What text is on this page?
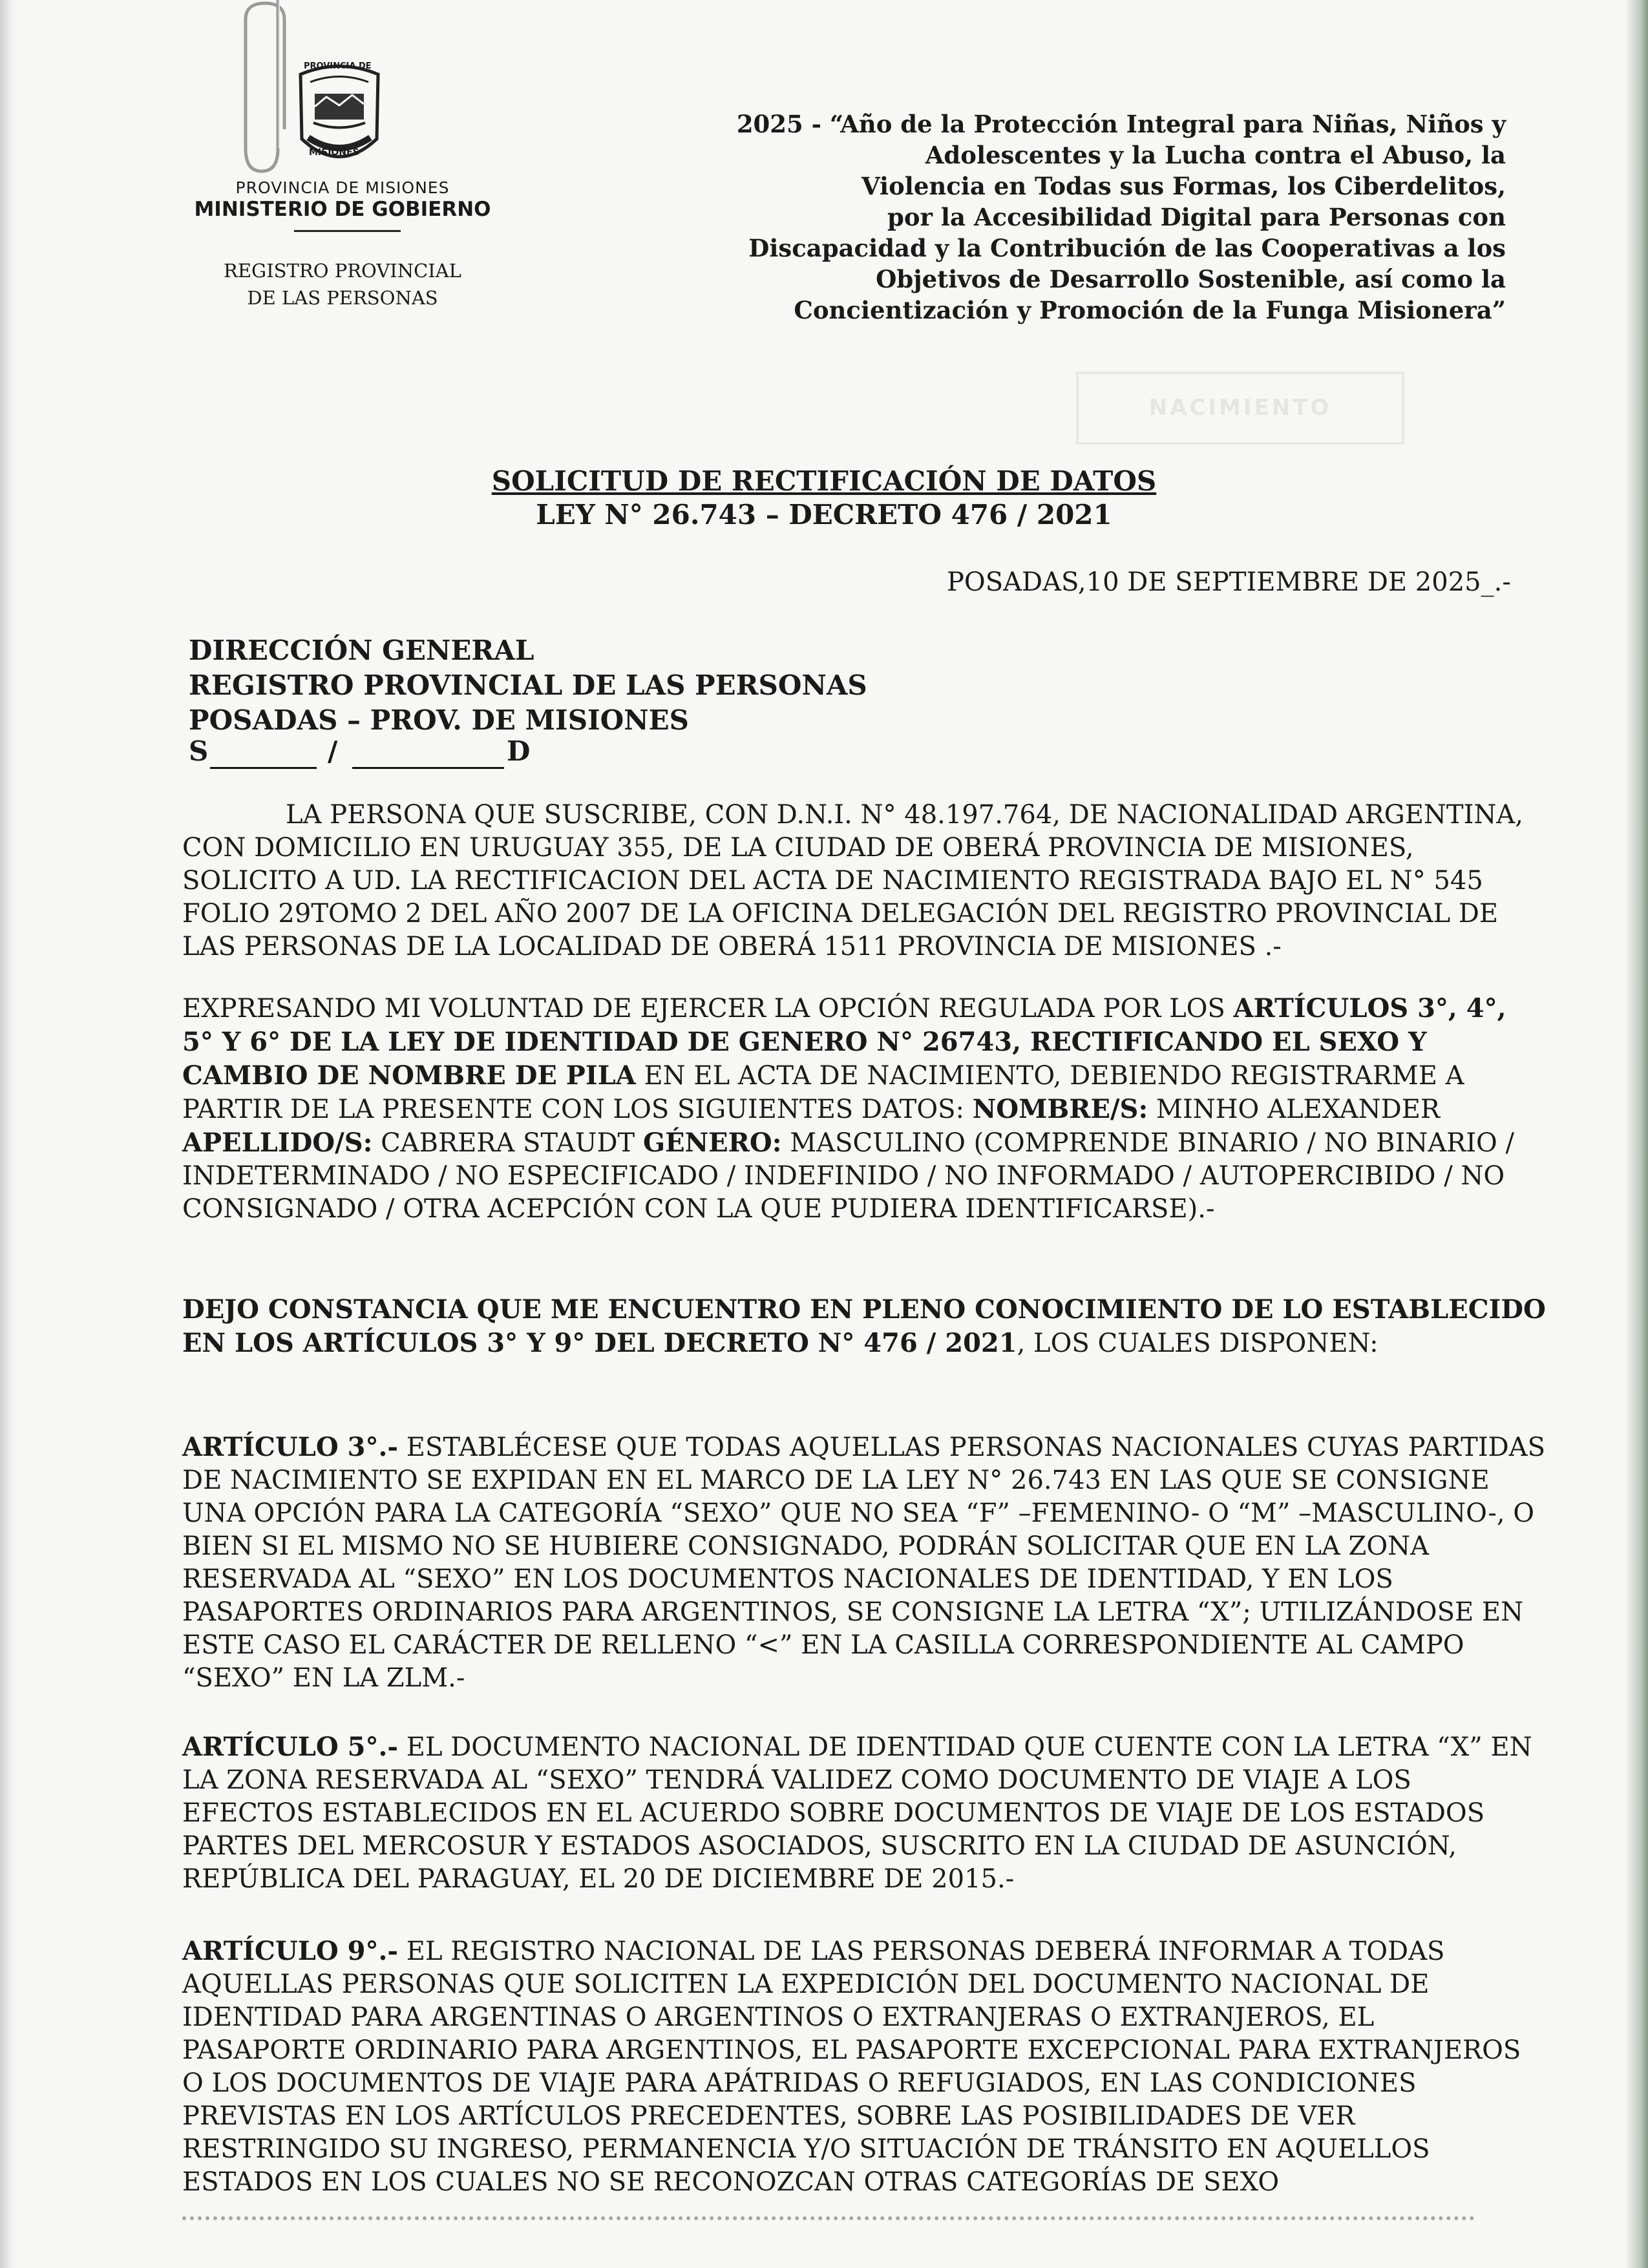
PROVINCIA DE
MISIONES
PROVINCIA DE MISIONES
MINISTERIO DE GOBIERNO
REGISTRO PROVINCIAL
DE LAS PERSONAS
2025 - “Año de la Protección Integral para Niñas, Niños y
Adolescentes y la Lucha contra el Abuso, la
Violencia en Todas sus Formas, los Ciberdelitos,
por la Accesibilidad Digital para Personas con
Discapacidad y la Contribución de las Cooperativas a los
Objetivos de Desarrollo Sostenible, así como la
Concientización y Promoción de la Funga Misionera”
NACIMIENTO
SOLICITUD DE RECTIFICACIÓN DE DATOS
LEY N° 26.743 – DECRETO 476 / 2021
POSADAS,10 DE SEPTIEMBRE DE 2025_.-
DIRECCIÓN GENERAL
REGISTRO PROVINCIAL DE LAS PERSONAS
POSADAS – PROV. DE MISIONES
S	/	D
LA PERSONA QUE SUSCRIBE, CON D.N.I. N° 48.197.764, DE NACIONALIDAD ARGENTINA, CON DOMICILIO EN URUGUAY 355, DE LA CIUDAD DE OBERÁ PROVINCIA DE MISIONES, SOLICITO A UD. LA RECTIFICACION DEL ACTA DE NACIMIENTO REGISTRADA BAJO EL N° 545 FOLIO 29TOMO 2 DEL AÑO 2007 DE LA OFICINA DELEGACIÓN DEL REGISTRO PROVINCIAL DE LAS PERSONAS DE LA LOCALIDAD DE OBERÁ 1511 PROVINCIA DE MISIONES .-
EXPRESANDO MI VOLUNTAD DE EJERCER LA OPCIÓN REGULADA POR LOS ARTÍCULOS 3°, 4°, 5° Y 6° DE LA LEY DE IDENTIDAD DE GENERO N° 26743, RECTIFICANDO EL SEXO Y CAMBIO DE NOMBRE DE PILA EN EL ACTA DE NACIMIENTO, DEBIENDO REGISTRARME A PARTIR DE LA PRESENTE CON LOS SIGUIENTES DATOS: NOMBRE/S: MINHO ALEXANDER APELLIDO/S: CABRERA STAUDT GÉNERO: MASCULINO (COMPRENDE BINARIO / NO BINARIO / INDETERMINADO / NO ESPECIFICADO / INDEFINIDO / NO INFORMADO / AUTOPERCIBIDO / NO CONSIGNADO / OTRA ACEPCIÓN CON LA QUE PUDIERA IDENTIFICARSE).-
DEJO CONSTANCIA QUE ME ENCUENTRO EN PLENO CONOCIMIENTO DE LO ESTABLECIDO EN LOS ARTÍCULOS 3° Y 9° DEL DECRETO N° 476 / 2021, LOS CUALES DISPONEN:
ARTÍCULO 3°.- ESTABLÉCESE QUE TODAS AQUELLAS PERSONAS NACIONALES CUYAS PARTIDAS DE NACIMIENTO SE EXPIDAN EN EL MARCO DE LA LEY N° 26.743 EN LAS QUE SE CONSIGNE UNA OPCIÓN PARA LA CATEGORÍA “SEXO” QUE NO SEA “F” –FEMENINO- O “M” –MASCULINO-, O BIEN SI EL MISMO NO SE HUBIERE CONSIGNADO, PODRÁN SOLICITAR QUE EN LA ZONA RESERVADA AL “SEXO” EN LOS DOCUMENTOS NACIONALES DE IDENTIDAD, Y EN LOS PASAPORTES ORDINARIOS PARA ARGENTINOS, SE CONSIGNE LA LETRA “X”; UTILIZÁNDOSE EN ESTE CASO EL CARÁCTER DE RELLENO “<” EN LA CASILLA CORRESPONDIENTE AL CAMPO “SEXO” EN LA ZLM.-
ARTÍCULO 5°.- EL DOCUMENTO NACIONAL DE IDENTIDAD QUE CUENTE CON LA LETRA “X” EN LA ZONA RESERVADA AL “SEXO” TENDRÁ VALIDEZ COMO DOCUMENTO DE VIAJE A LOS EFECTOS ESTABLECIDOS EN EL ACUERDO SOBRE DOCUMENTOS DE VIAJE DE LOS ESTADOS PARTES DEL MERCOSUR Y ESTADOS ASOCIADOS, SUSCRITO EN LA CIUDAD DE ASUNCIÓN, REPÚBLICA DEL PARAGUAY, EL 20 DE DICIEMBRE DE 2015.-
ARTÍCULO 9°.- EL REGISTRO NACIONAL DE LAS PERSONAS DEBERÁ INFORMAR A TODAS AQUELLAS PERSONAS QUE SOLICITEN LA EXPEDICIÓN DEL DOCUMENTO NACIONAL DE IDENTIDAD PARA ARGENTINAS O ARGENTINOS O EXTRANJERAS O EXTRANJEROS, EL PASAPORTE ORDINARIO PARA ARGENTINOS, EL PASAPORTE EXCEPCIONAL PARA EXTRANJEROS O LOS DOCUMENTOS DE VIAJE PARA APÁTRIDAS O REFUGIADOS, EN LAS CONDICIONES PREVISTAS EN LOS ARTÍCULOS PRECEDENTES, SOBRE LAS POSIBILIDADES DE VER RESTRINGIDO SU INGRESO, PERMANENCIA Y/O SITUACIÓN DE TRÁNSITO EN AQUELLOS ESTADOS EN LOS CUALES NO SE RECONOZCAN OTRAS CATEGORÍAS DE SEXO
